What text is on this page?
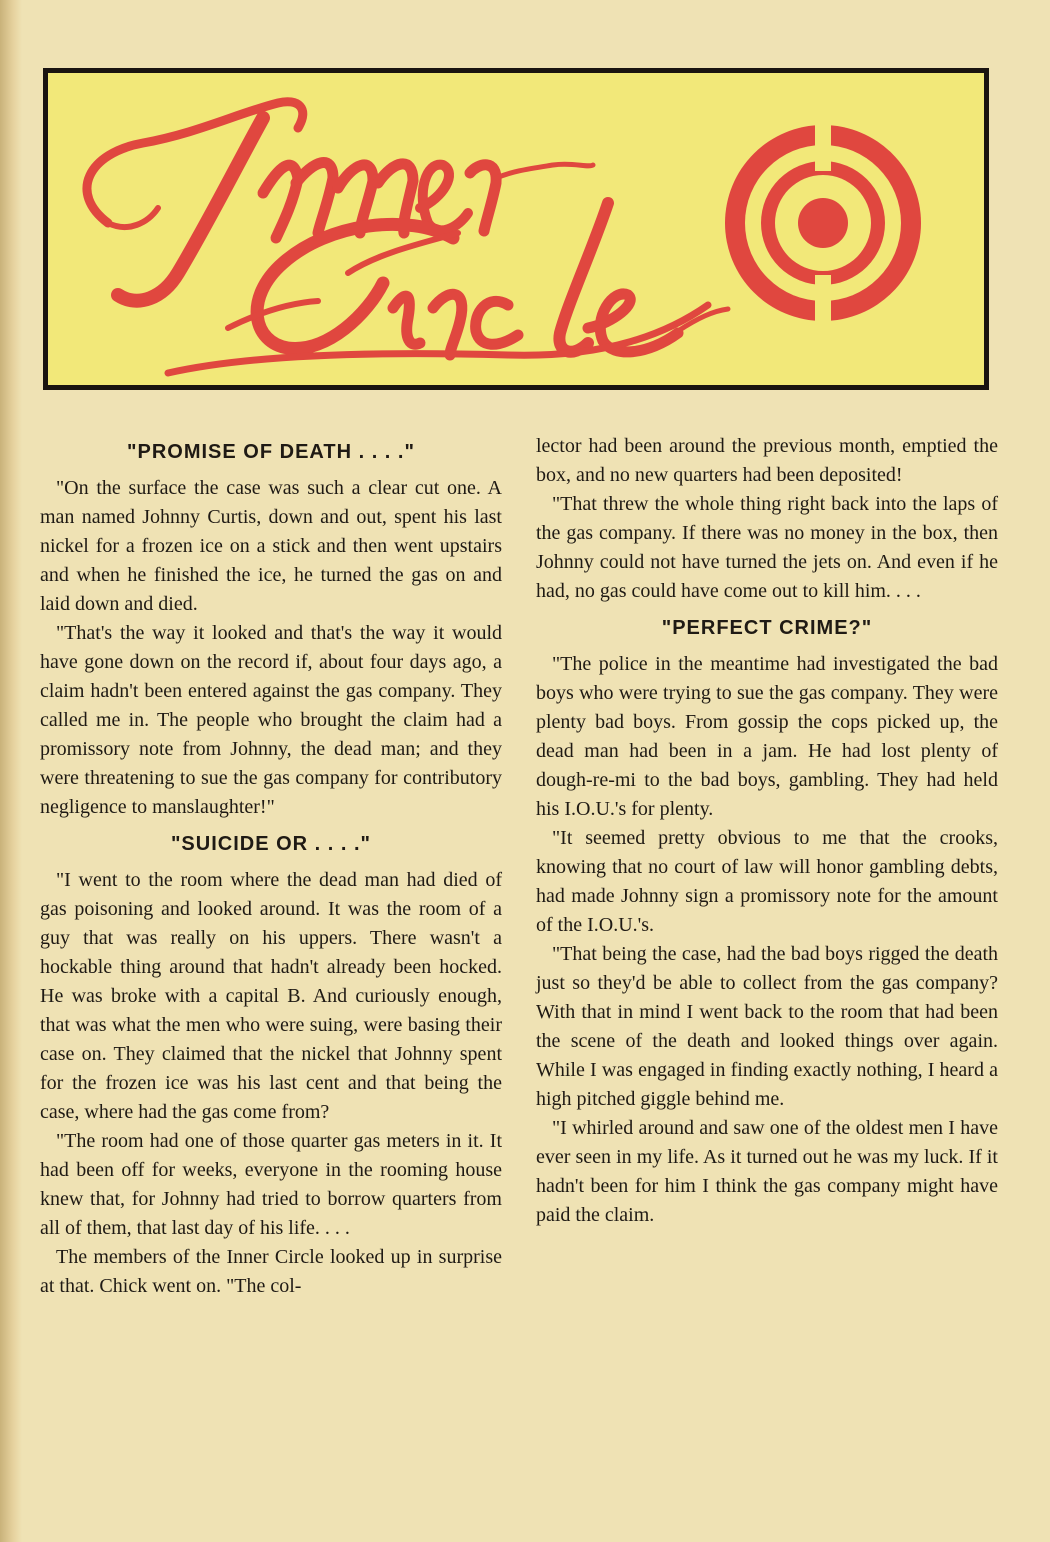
"PROMISE OF DEATH . . . ."

"On the surface the case was such a clear cut one. A man named Johnny Curtis, down and out, spent his last nickel for a frozen ice on a stick and then went upstairs and when he finished the ice, he turned the gas on and laid down and died.

"That's the way it looked and that's the way it would have gone down on the record if, about four days ago, a claim hadn't been entered against the gas company. They called me in. The people who brought the claim had a promissory note from Johnny, the dead man; and they were threatening to sue the gas company for contributory negligence to manslaughter!"

"SUICIDE OR . . . ."

"I went to the room where the dead man had died of gas poisoning and looked around. It was the room of a guy that was really on his uppers. There wasn't a hockable thing around that hadn't already been hocked. He was broke with a capital B. And curiously enough, that was what the men who were suing, were basing their case on. They claimed that the nickel that Johnny spent for the frozen ice was his last cent and that being the case, where had the gas come from?

"The room had one of those quarter gas meters in it. It had been off for weeks, everyone in the rooming house knew that, for Johnny had tried to borrow quarters from all of them, that last day of his life. . . .

The members of the Inner Circle looked up in surprise at that. Chick went on. "The col-

lector had been around the previous month, emptied the box, and no new quarters had been deposited!

"That threw the whole thing right back into the laps of the gas company. If there was no money in the box, then Johnny could not have turned the jets on. And even if he had, no gas could have come out to kill him. . . .

"PERFECT CRIME?"

"The police in the meantime had investigated the bad boys who were trying to sue the gas company. They were plenty bad boys. From gossip the cops picked up, the dead man had been in a jam. He had lost plenty of dough-re-mi to the bad boys, gambling. They had held his I.O.U.'s for plenty.

"It seemed pretty obvious to me that the crooks, knowing that no court of law will honor gambling debts, had made Johnny sign a promissory note for the amount of the I.O.U.'s.

"That being the case, had the bad boys rigged the death just so they'd be able to collect from the gas company? With that in mind I went back to the room that had been the scene of the death and looked things over again. While I was engaged in finding exactly nothing, I heard a high pitched giggle behind me.

"I whirled around and saw one of the oldest men I have ever seen in my life. As it turned out he was my luck. If it hadn't been for him I think the gas company might have paid the claim.
